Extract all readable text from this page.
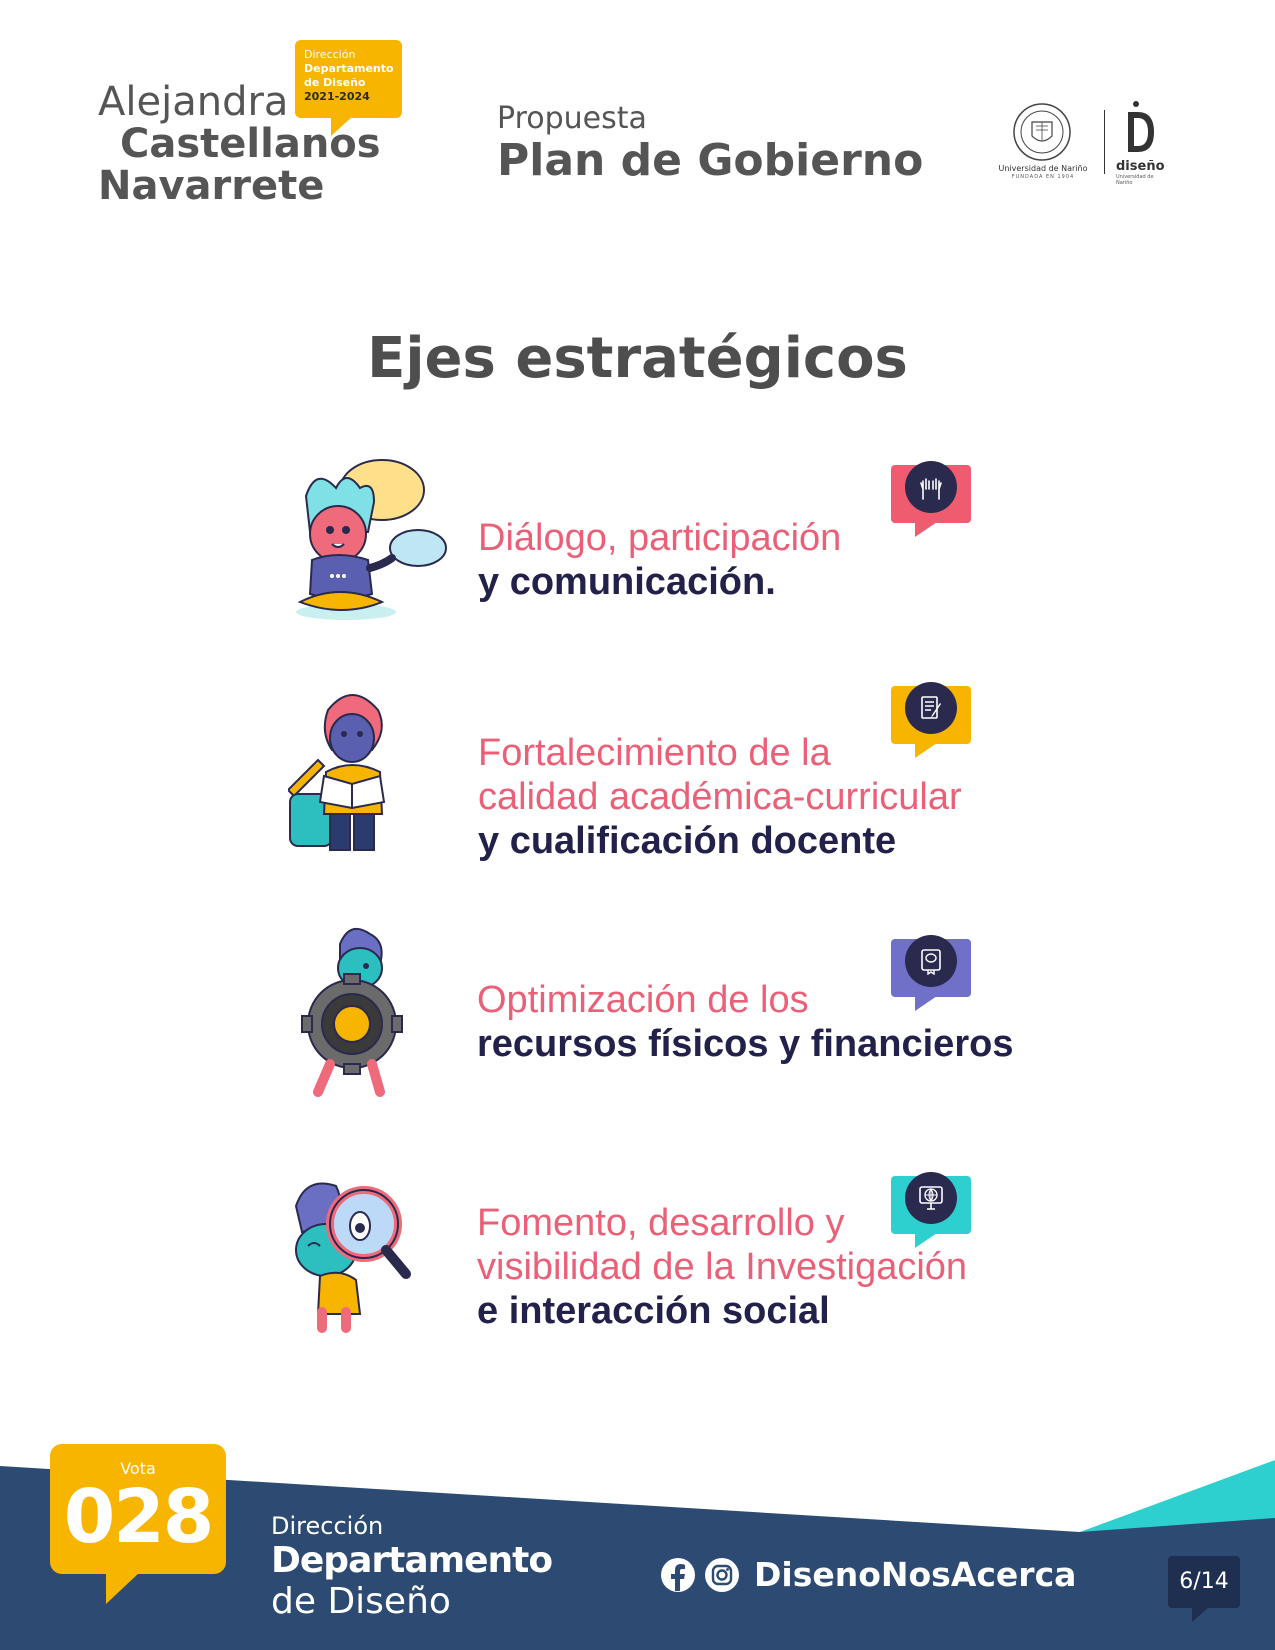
Alejandra
Castellanos
Navarrete
Dirección
Departamento
de Diseño
2021-2024
Propuesta
Plan de Gobierno	Universidad de Nariño
FUNDADA EN 1904
diseño
Universidad de Nariño
Ejes estratégicos
Diálogo, participación
y comunicación.
Fortalecimiento de la
calidad académica-curricular
y cualificación docente
Optimización de los
recursos físicos y financieros
Fomento, desarrollo y
visibilidad de la Investigación
e interacción social
Vota
028	Dirección
Departamento
de Diseño
DisenoNosAcerca	6/14
